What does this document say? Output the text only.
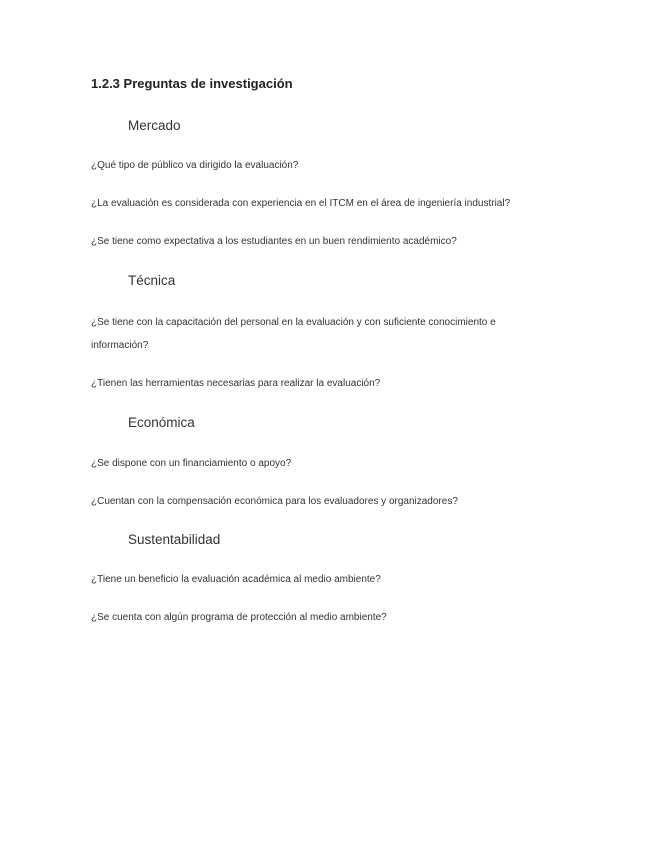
1.2.3 Preguntas de investigación
Mercado
¿Qué tipo de público va dirigido la evaluación?
¿La evaluación es considerada con experiencia en el ITCM en el área de ingeniería industrial?
¿Se tiene como expectativa a los estudiantes en un buen rendimiento académico?
Técnica
¿Se tiene con la capacitación del personal en la evaluación y con suficiente conocimiento e
información?
¿Tienen las herramientas necesarias para realizar la evaluación?
Económica
¿Se dispone con un financiamiento o apoyo?
¿Cuentan con la compensación económica para los evaluadores y organizadores?
Sustentabilidad
¿Tiene un beneficio la evaluación académica al medio ambiente?
¿Se cuenta con algún programa de protección al medio ambiente?
